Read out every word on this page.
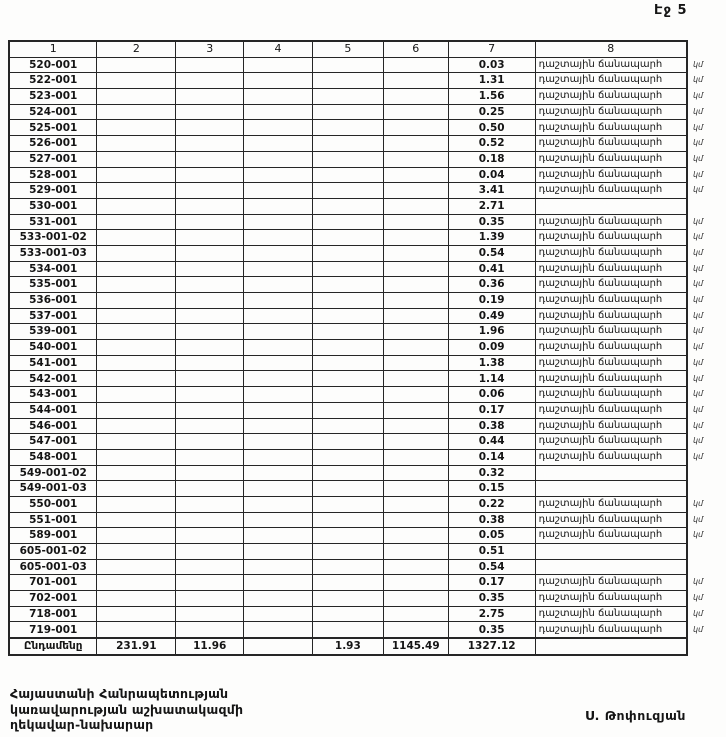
Էջ 5
1	2	3	4	5	6	7	8	
520-001						0.03	դաշտային ճանապարհ	կմ
522-001						1.31	դաշտային ճանապարհ	կմ
523-001						1.56	դաշտային ճանապարհ	կմ
524-001						0.25	դաշտային ճանապարհ	կմ
525-001						0.50	դաշտային ճանապարհ	կմ
526-001						0.52	դաշտային ճանապարհ	կմ
527-001						0.18	դաշտային ճանապարհ	կմ
528-001						0.04	դաշտային ճանապարհ	կմ
529-001						3.41	դաշտային ճանապարհ	կմ
530-001						2.71		
531-001						0.35	դաշտային ճանապարհ	կմ
533-001-02						1.39	դաշտային ճանապարհ	կմ
533-001-03						0.54	դաշտային ճանապարհ	կմ
534-001						0.41	դաշտային ճանապարհ	կմ
535-001						0.36	դաշտային ճանապարհ	կմ
536-001						0.19	դաշտային ճանապարհ	կմ
537-001						0.49	դաշտային ճանապարհ	կմ
539-001						1.96	դաշտային ճանապարհ	կմ
540-001						0.09	դաշտային ճանապարհ	կմ
541-001						1.38	դաշտային ճանապարհ	կմ
542-001						1.14	դաշտային ճանապարհ	կմ
543-001						0.06	դաշտային ճանապարհ	կմ
544-001						0.17	դաշտային ճանապարհ	կմ
546-001						0.38	դաշտային ճանապարհ	կմ
547-001						0.44	դաշտային ճանապարհ	կմ
548-001						0.14	դաշտային ճանապարհ	կմ
549-001-02						0.32		
549-001-03						0.15		
550-001						0.22	դաշտային ճանապարհ	կմ
551-001						0.38	դաշտային ճանապարհ	կմ
589-001						0.05	դաշտային ճանապարհ	կմ
605-001-02						0.51		
605-001-03						0.54		
701-001						0.17	դաշտային ճանապարհ	կմ
702-001						0.35	դաշտային ճանապարհ	կմ
718-001						2.75	դաշտային ճանապարհ	կմ
719-001						0.35	դաշտային ճանապարհ	կմ
Ընդամենը	231.91	11.96		1.93	1145.49	1327.12		
Հայաստանի Հանրապետության
կառավարության աշխատակազմի
ղեկավար-նախարար
Ս. Թոփուզյան
